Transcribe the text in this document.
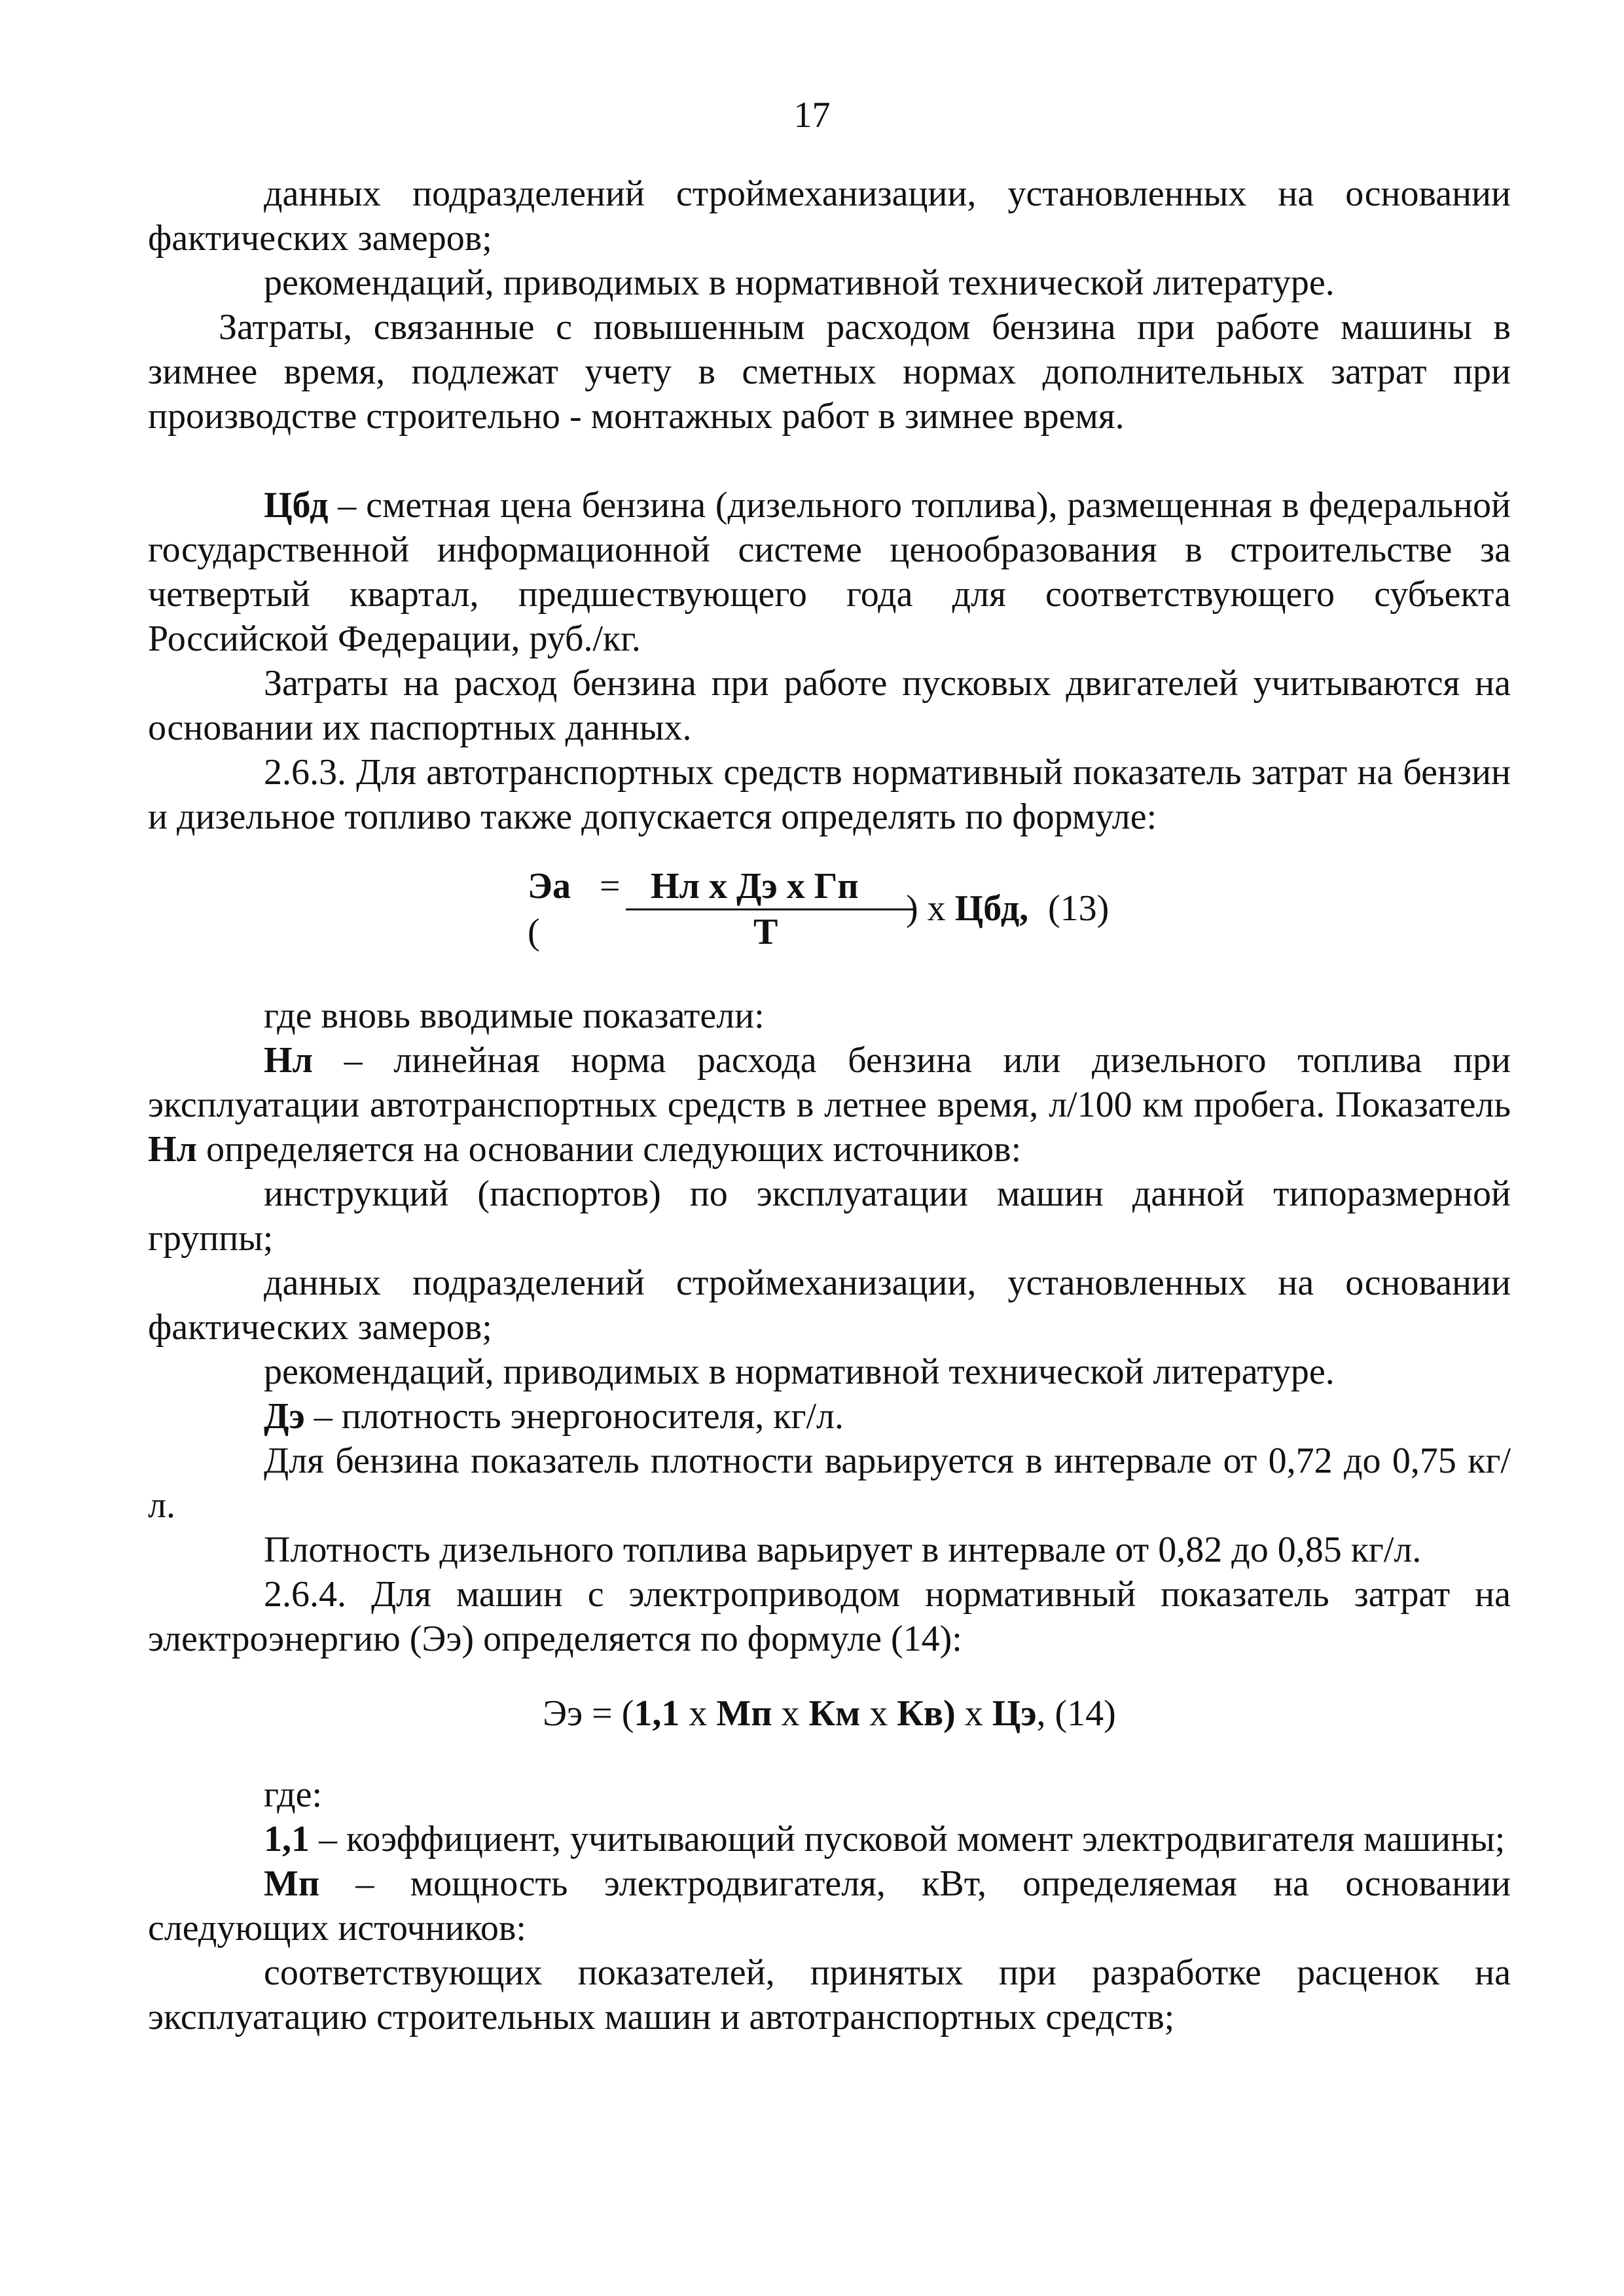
17

данных подразделений строймеханизации, установленных на основании фактических замеров;

рекомендаций, приводимых в нормативной технической литературе.

Затраты, связанные с повышенным расходом бензина при работе машины в зимнее время, подлежат учету в сметных нормах дополнительных затрат при производстве строительно - монтажных работ в зимнее время.

Цбд – сметная цена бензина (дизельного топлива), размещенная в федеральной государственной информационной системе ценообразования в строительстве за четвертый квартал, предшествующего года для соответствующего субъекта Российской Федерации, руб./кг.

Затраты на расход бензина при работе пусковых двигателей учитываются на основании их паспортных данных.

2.6.3. Для автотранспортных средств нормативный показатель затрат на бензин и дизельное топливо также допускается определять по формуле:

Эа =
(
Нл х Дэ х Гп
Т
) х Цбд, (13)

где вновь вводимые показатели:

Нл – линейная норма расхода бензина или дизельного топлива при эксплуатации автотранспортных средств в летнее время, л/100 км пробега. Показатель Нл определяется на основании следующих источников:

инструкций (паспортов) по эксплуатации машин данной типоразмерной группы;

данных подразделений строймеханизации, установленных на основании фактических замеров;

рекомендаций, приводимых в нормативной технической литературе.

Дэ – плотность энергоносителя, кг/л.

Для бензина показатель плотности варьируется в интервале от 0,72 до 0,75 кг/л.

Плотность дизельного топлива варьирует в интервале от 0,82 до 0,85 кг/л.

2.6.4. Для машин с электроприводом нормативный показатель затрат на электроэнергию (Ээ) определяется по формуле (14):

Ээ = (1,1 х Мп х Км х Кв) х Цэ, (14)

где:

1,1 – коэффициент, учитывающий пусковой момент электродвигателя машины;

Мп – мощность электродвигателя, кВт, определяемая на основании следующих источников:

соответствующих показателей, принятых при разработке расценок на эксплуатацию строительных машин и автотранспортных средств;
